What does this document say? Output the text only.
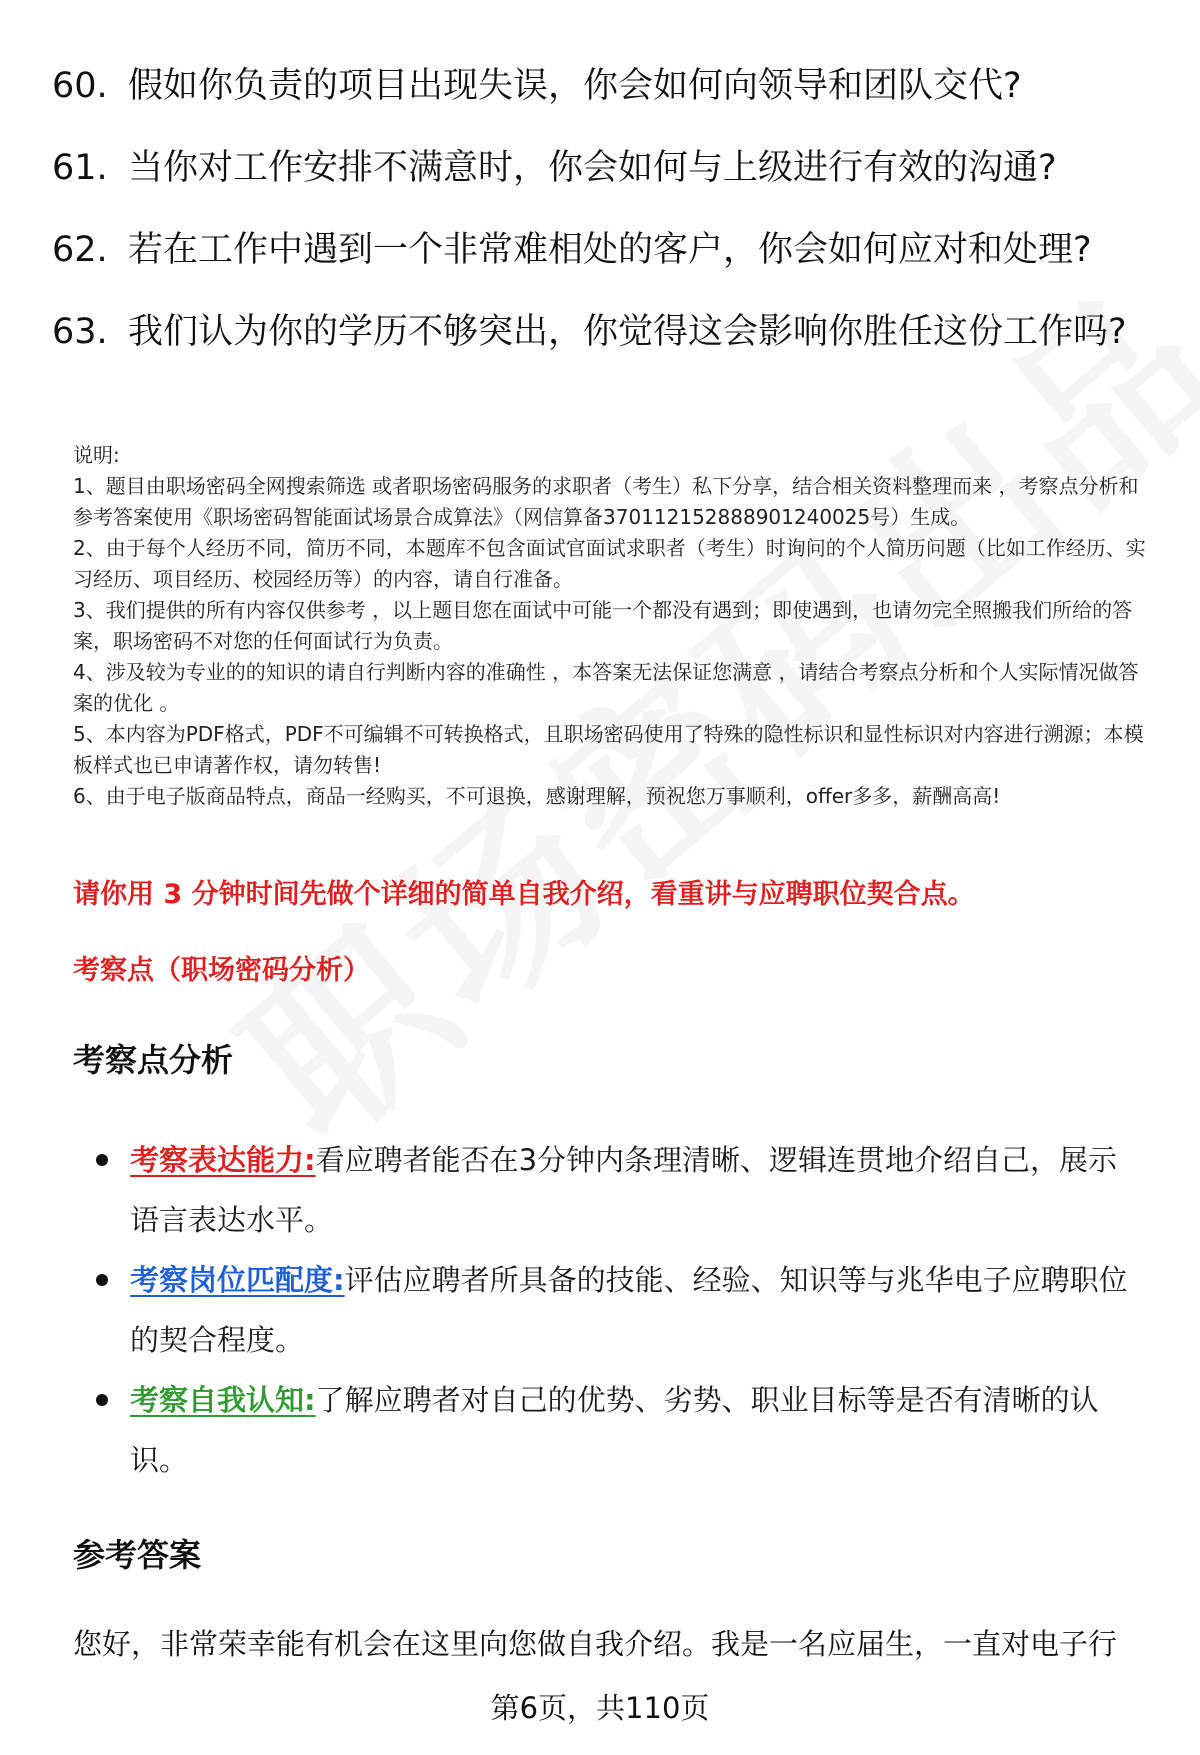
60. 假如你负责的项目出现失误，你会如何向领导和团队交代?
61. 当你对工作安排不满意时，你会如何与上级进行有效的沟通?
62. 若在工作中遇到一个非常难相处的客户，你会如何应对和处理?
63. 我们认为你的学历不够突出，你觉得这会影响你胜任这份工作吗?

说明:

1、题目由职场密码全网搜索筛选 或者职场密码服务的求职者（考生）私下分享，结合相关资料整理而来 ，考察点分析和参考答案使用《职场密码智能面试场景合成算法》（网信算备370112152888901240025号）生成。

2、由于每个人经历不同，简历不同，本题库不包含面试官面试求职者（考生）时询问的个人简历问题（比如工作经历、实习经历、项目经历、校园经历等）的内容，请自行准备。

3、我们提供的所有内容仅供参考 ，以上题目您在面试中可能一个都没有遇到；即使遇到，也请勿完全照搬我们所给的答案，职场密码不对您的任何面试行为负责。

4、涉及较为专业的的知识的请自行判断内容的准确性 ，本答案无法保证您满意 ，请结合考察点分析和个人实际情况做答案的优化 。

5、本内容为PDF格式，PDF不可编辑不可转换格式，且职场密码使用了特殊的隐性标识和显性标识对内容进行溯源；本模板样式也已申请著作权，请勿转售!

6、由于电子版商品特点，商品一经购买，不可退换，感谢理解，预祝您万事顺利，offer多多，薪酬高高!

请你用 3 分钟时间先做个详细的简单自我介绍，看重讲与应聘职位契合点。
考察点（职场密码分析）
考察点分析
考察表达能力:看应聘者能否在3分钟内条理清晰、逻辑连贯地介绍自己，展示语言表达水平。
考察岗位匹配度:评估应聘者所具备的技能、经验、知识等与兆华电子应聘职位的契合程度。
考察自我认知:了解应聘者对自己的优势、劣势、职业目标等是否有清晰的认识。
参考答案
您好，非常荣幸能有机会在这里向您做自我介绍。我是一名应届生，一直对电子行
第6页，共110页
